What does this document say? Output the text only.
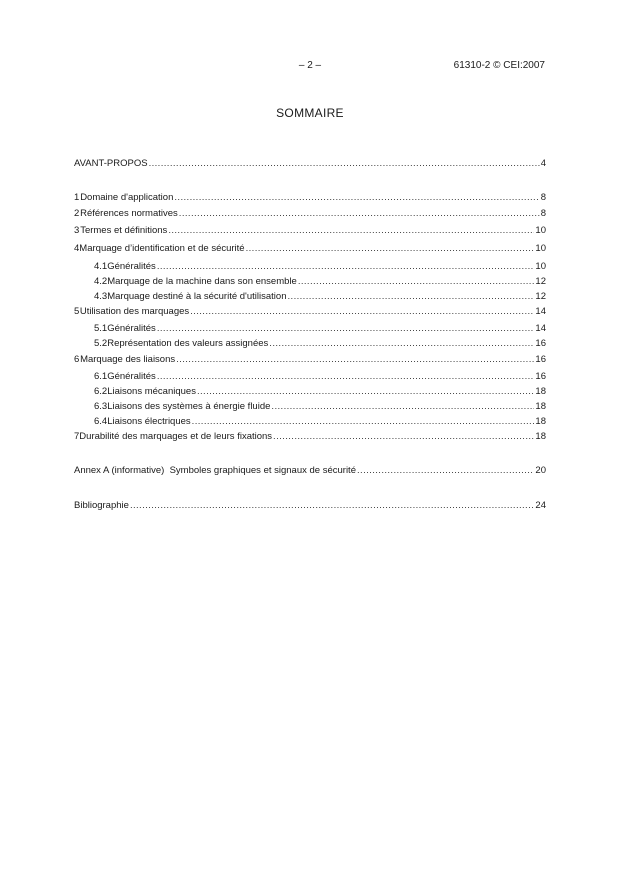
– 2 –	61310-2 © CEI:2007
SOMMAIRE
AVANT-PROPOS .....	4
1 Domaine d'application .....	8
2 Références normatives .....	8
3 Termes et définitions .....	10
4 Marquage d’identification et de sécurité .....	10
4.1 Généralités .....	10
4.2 Marquage de la machine dans son ensemble .....	12
4.3 Marquage destiné à la sécurité d'utilisation .....	12
5 Utilisation des marquages .....	14
5.1 Généralités .....	14
5.2 Représentation des valeurs assignées .....	16
6 Marquage des liaisons .....	16
6.1 Généralités .....	16
6.2 Liaisons mécaniques .....	18
6.3 Liaisons des systèmes à énergie fluide .....	18
6.4 Liaisons électriques .....	18
7 Durabilité des marquages et de leurs fixations .....	18
Annex A (informative)  Symboles graphiques et signaux de sécurité .....	20
Bibliographie .....	24
